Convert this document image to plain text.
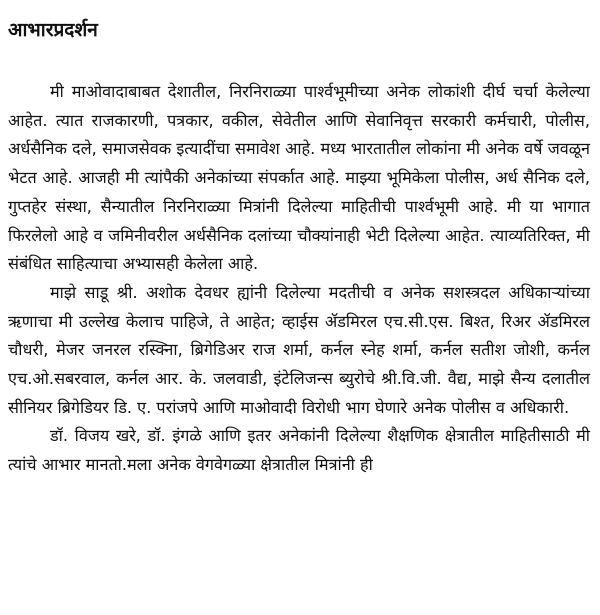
आभारप्रदर्शन

मी माओवादाबाबत देशातील, निरनिराळ्या पार्श्वभूमीच्या अनेक लोकांशी दीर्घ चर्चा केलेल्या आहेत. त्यात राजकारणी, पत्रकार, वकील, सेवेतील आणि सेवानिवृत्त सरकारी कर्मचारी, पोलीस, अर्धसैनिक दले, समाजसेवक इत्यादींचा समावेश आहे. मध्य भारतातील लोकांना मी अनेक वर्षे जवळून भेटत आहे. आजही मी त्यांपैकी अनेकांच्या संपर्कात आहे. माझ्या भूमिकेला पोलीस, अर्ध सैनिक दले, गुप्तहेर संस्था, सैन्यातील निरनिराळ्या मित्रांनी दिलेल्या माहितीची पार्श्वभूमी आहे. मी या भागात फिरलेलो आहे व जमिनीवरील अर्धसैनिक दलांच्या चौक्यांनाही भेटी दिलेल्या आहेत. त्याव्यतिरिक्त, मी संबंधित साहित्याचा अभ्यासही केलेला आहे.

माझे साडू श्री. अशोक देवधर ह्यांनी दिलेल्या मदतीची व अनेक सशस्त्रदल अधिकाऱ्यांच्या ऋणाचा मी उल्लेख केलाच पाहिजे, ते आहेत; व्हाईस ॲडमिरल एच.सी.एस. बिश्त, रिअर ॲडमिरल चौधरी, मेजर जनरल रस्क्निा, ब्रिगेडिअर राज शर्मा, कर्नल स्नेह शर्मा, कर्नल सतीश जोशी, कर्नल एच.ओ.सबरवाल, कर्नल आर. के. जलवाडी, इंटेलिजन्स ब्युरोचे श्री.वि.जी. वैद्य, माझे सैन्य दलातील सीनियर ब्रिगेडियर डि. ए. परांजपे आणि माओवादी विरोधी भाग घेणारे अनेक पोलीस व अधिकारी.

डॉ. विजय खरे, डॉ. इंगळे आणि इतर अनेकांनी दिलेल्या शैक्षणिक क्षेत्रातील माहितीसाठी मी त्यांचे आभार मानतो.मला अनेक वेगवेगळ्या क्षेत्रातील मित्रांनी ही
